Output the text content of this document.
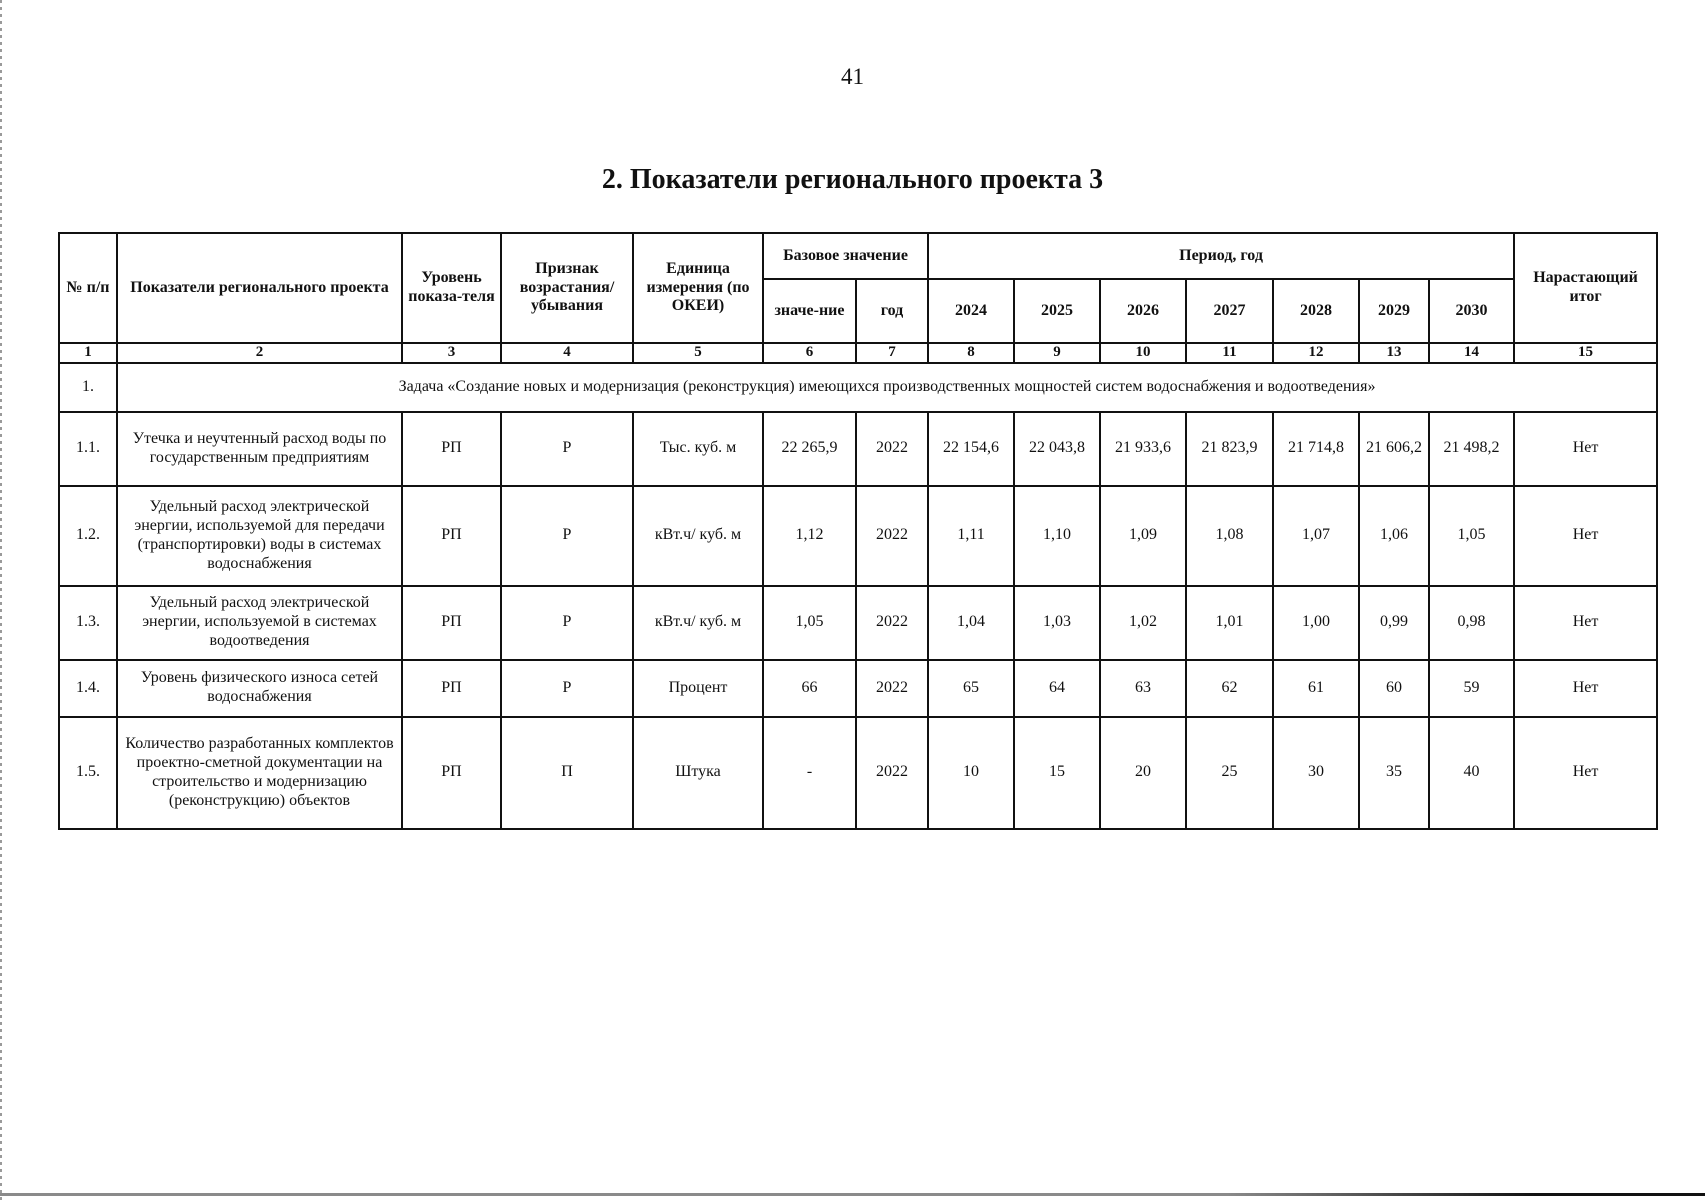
41
2. Показатели регионального проекта 3
№ п/п	Показатели регионального проекта	Уровень показа-теля	Признак возрастания/ убывания	Единица измерения (по ОКЕИ)	Базовое значение		Период, год							Нарастающий итог
					значе-ние	год	2024	2025	2026	2027	2028	2029	2030	
1	2	3	4	5	6	7	8	9	10	11	12	13	14	15
1.	Задача «Создание новых и модернизация (реконструкция) имеющихся производственных мощностей систем водоснабжения и водоотведения»													
1.1.	Утечка и неучтенный расход воды по государственным предприятиям	РП	Р	Тыс. куб. м	22 265,9	2022	22 154,6	22 043,8	21 933,6	21 823,9	21 714,8	21 606,2	21 498,2	Нет
1.2.	Удельный расход электрической энергии, используемой для передачи (транспортировки) воды в системах водоснабжения	РП	Р	кВт.ч/ куб. м	1,12	2022	1,11	1,10	1,09	1,08	1,07	1,06	1,05	Нет
1.3.	Удельный расход электрической энергии, используемой в системах водоотведения	РП	Р	кВт.ч/ куб. м	1,05	2022	1,04	1,03	1,02	1,01	1,00	0,99	0,98	Нет
1.4.	Уровень физического износа сетей водоснабжения	РП	Р	Процент	66	2022	65	64	63	62	61	60	59	Нет
1.5.	Количество разработанных комплектов проектно-сметной документации на строительство и модернизацию (реконструкцию) объектов	РП	П	Штука	-	2022	10	15	20	25	30	35	40	Нет
